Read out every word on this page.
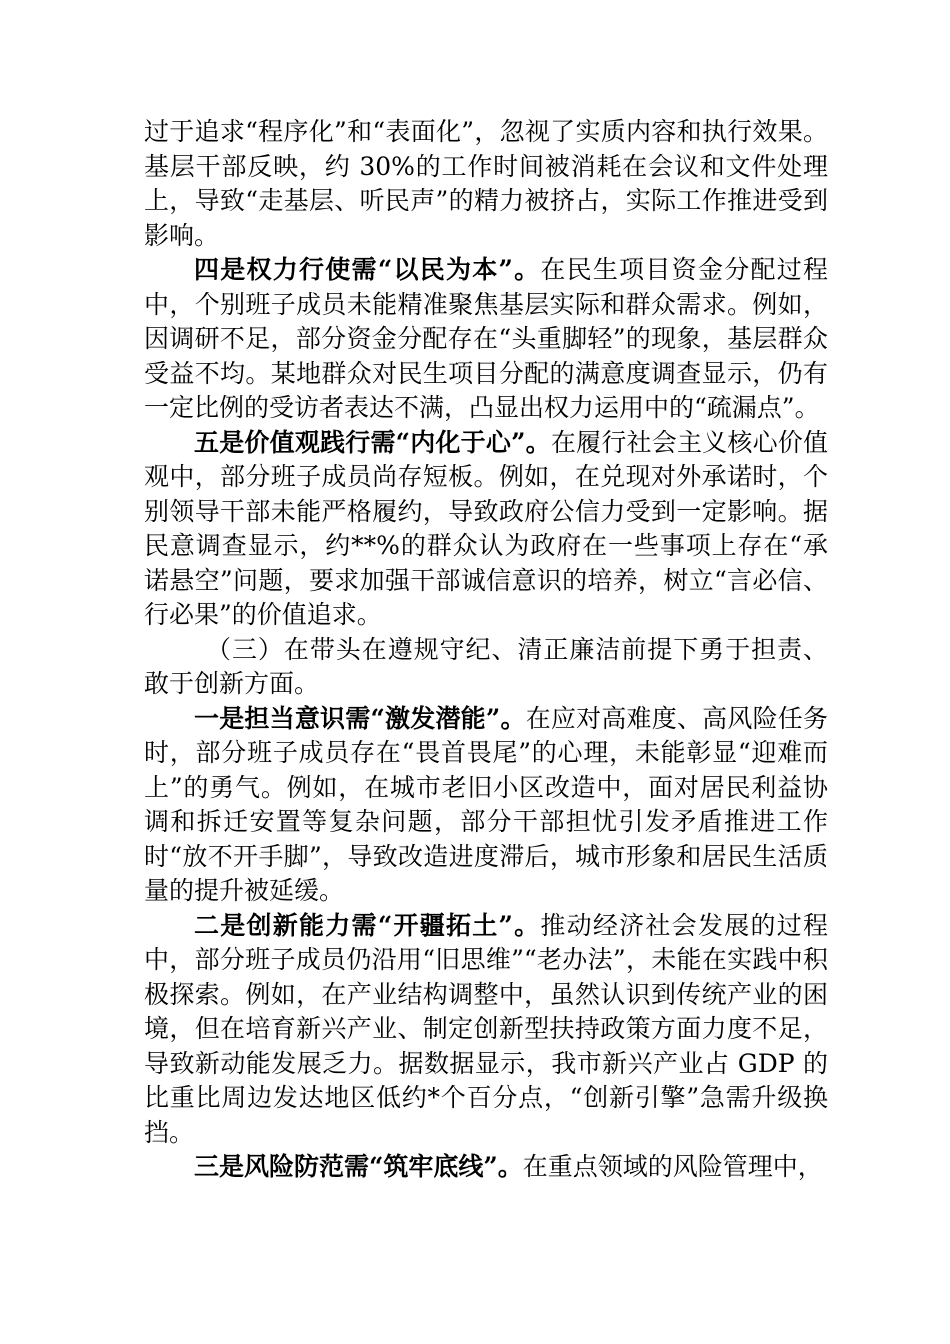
过于追求“程序化”和“表面化”，忽视了实质内容和执行效果。基层干部反映，约 30%的工作时间被消耗在会议和文件处理上，导致“走基层、听民声”的精力被挤占，实际工作推进受到影响。

四是权力行使需“以民为本”。在民生项目资金分配过程中，个别班子成员未能精准聚焦基层实际和群众需求。例如，因调研不足，部分资金分配存在“头重脚轻”的现象，基层群众受益不均。某地群众对民生项目分配的满意度调查显示，仍有一定比例的受访者表达不满，凸显出权力运用中的“疏漏点”。

五是价值观践行需“内化于心”。在履行社会主义核心价值观中，部分班子成员尚存短板。例如，在兑现对外承诺时，个别领导干部未能严格履约，导致政府公信力受到一定影响。据民意调查显示，约**%的群众认为政府在一些事项上存在“承诺悬空”问题，要求加强干部诚信意识的培养，树立“言必信、行必果”的价值追求。

（三）在带头在遵规守纪、清正廉洁前提下勇于担责、敢于创新方面。

一是担当意识需“激发潜能”。在应对高难度、高风险任务时，部分班子成员存在“畏首畏尾”的心理，未能彰显“迎难而上”的勇气。例如，在城市老旧小区改造中，面对居民利益协调和拆迁安置等复杂问题，部分干部担忧引发矛盾推进工作时“放不开手脚”，导致改造进度滞后，城市形象和居民生活质量的提升被延缓。

二是创新能力需“开疆拓土”。推动经济社会发展的过程中，部分班子成员仍沿用“旧思维”“老办法”，未能在实践中积极探索。例如，在产业结构调整中，虽然认识到传统产业的困境，但在培育新兴产业、制定创新型扶持政策方面力度不足，导致新动能发展乏力。据数据显示，我市新兴产业占 GDP 的比重比周边发达地区低约*个百分点，“创新引擎”急需升级换挡。

三是风险防范需“筑牢底线”。在重点领域的风险管理中，
